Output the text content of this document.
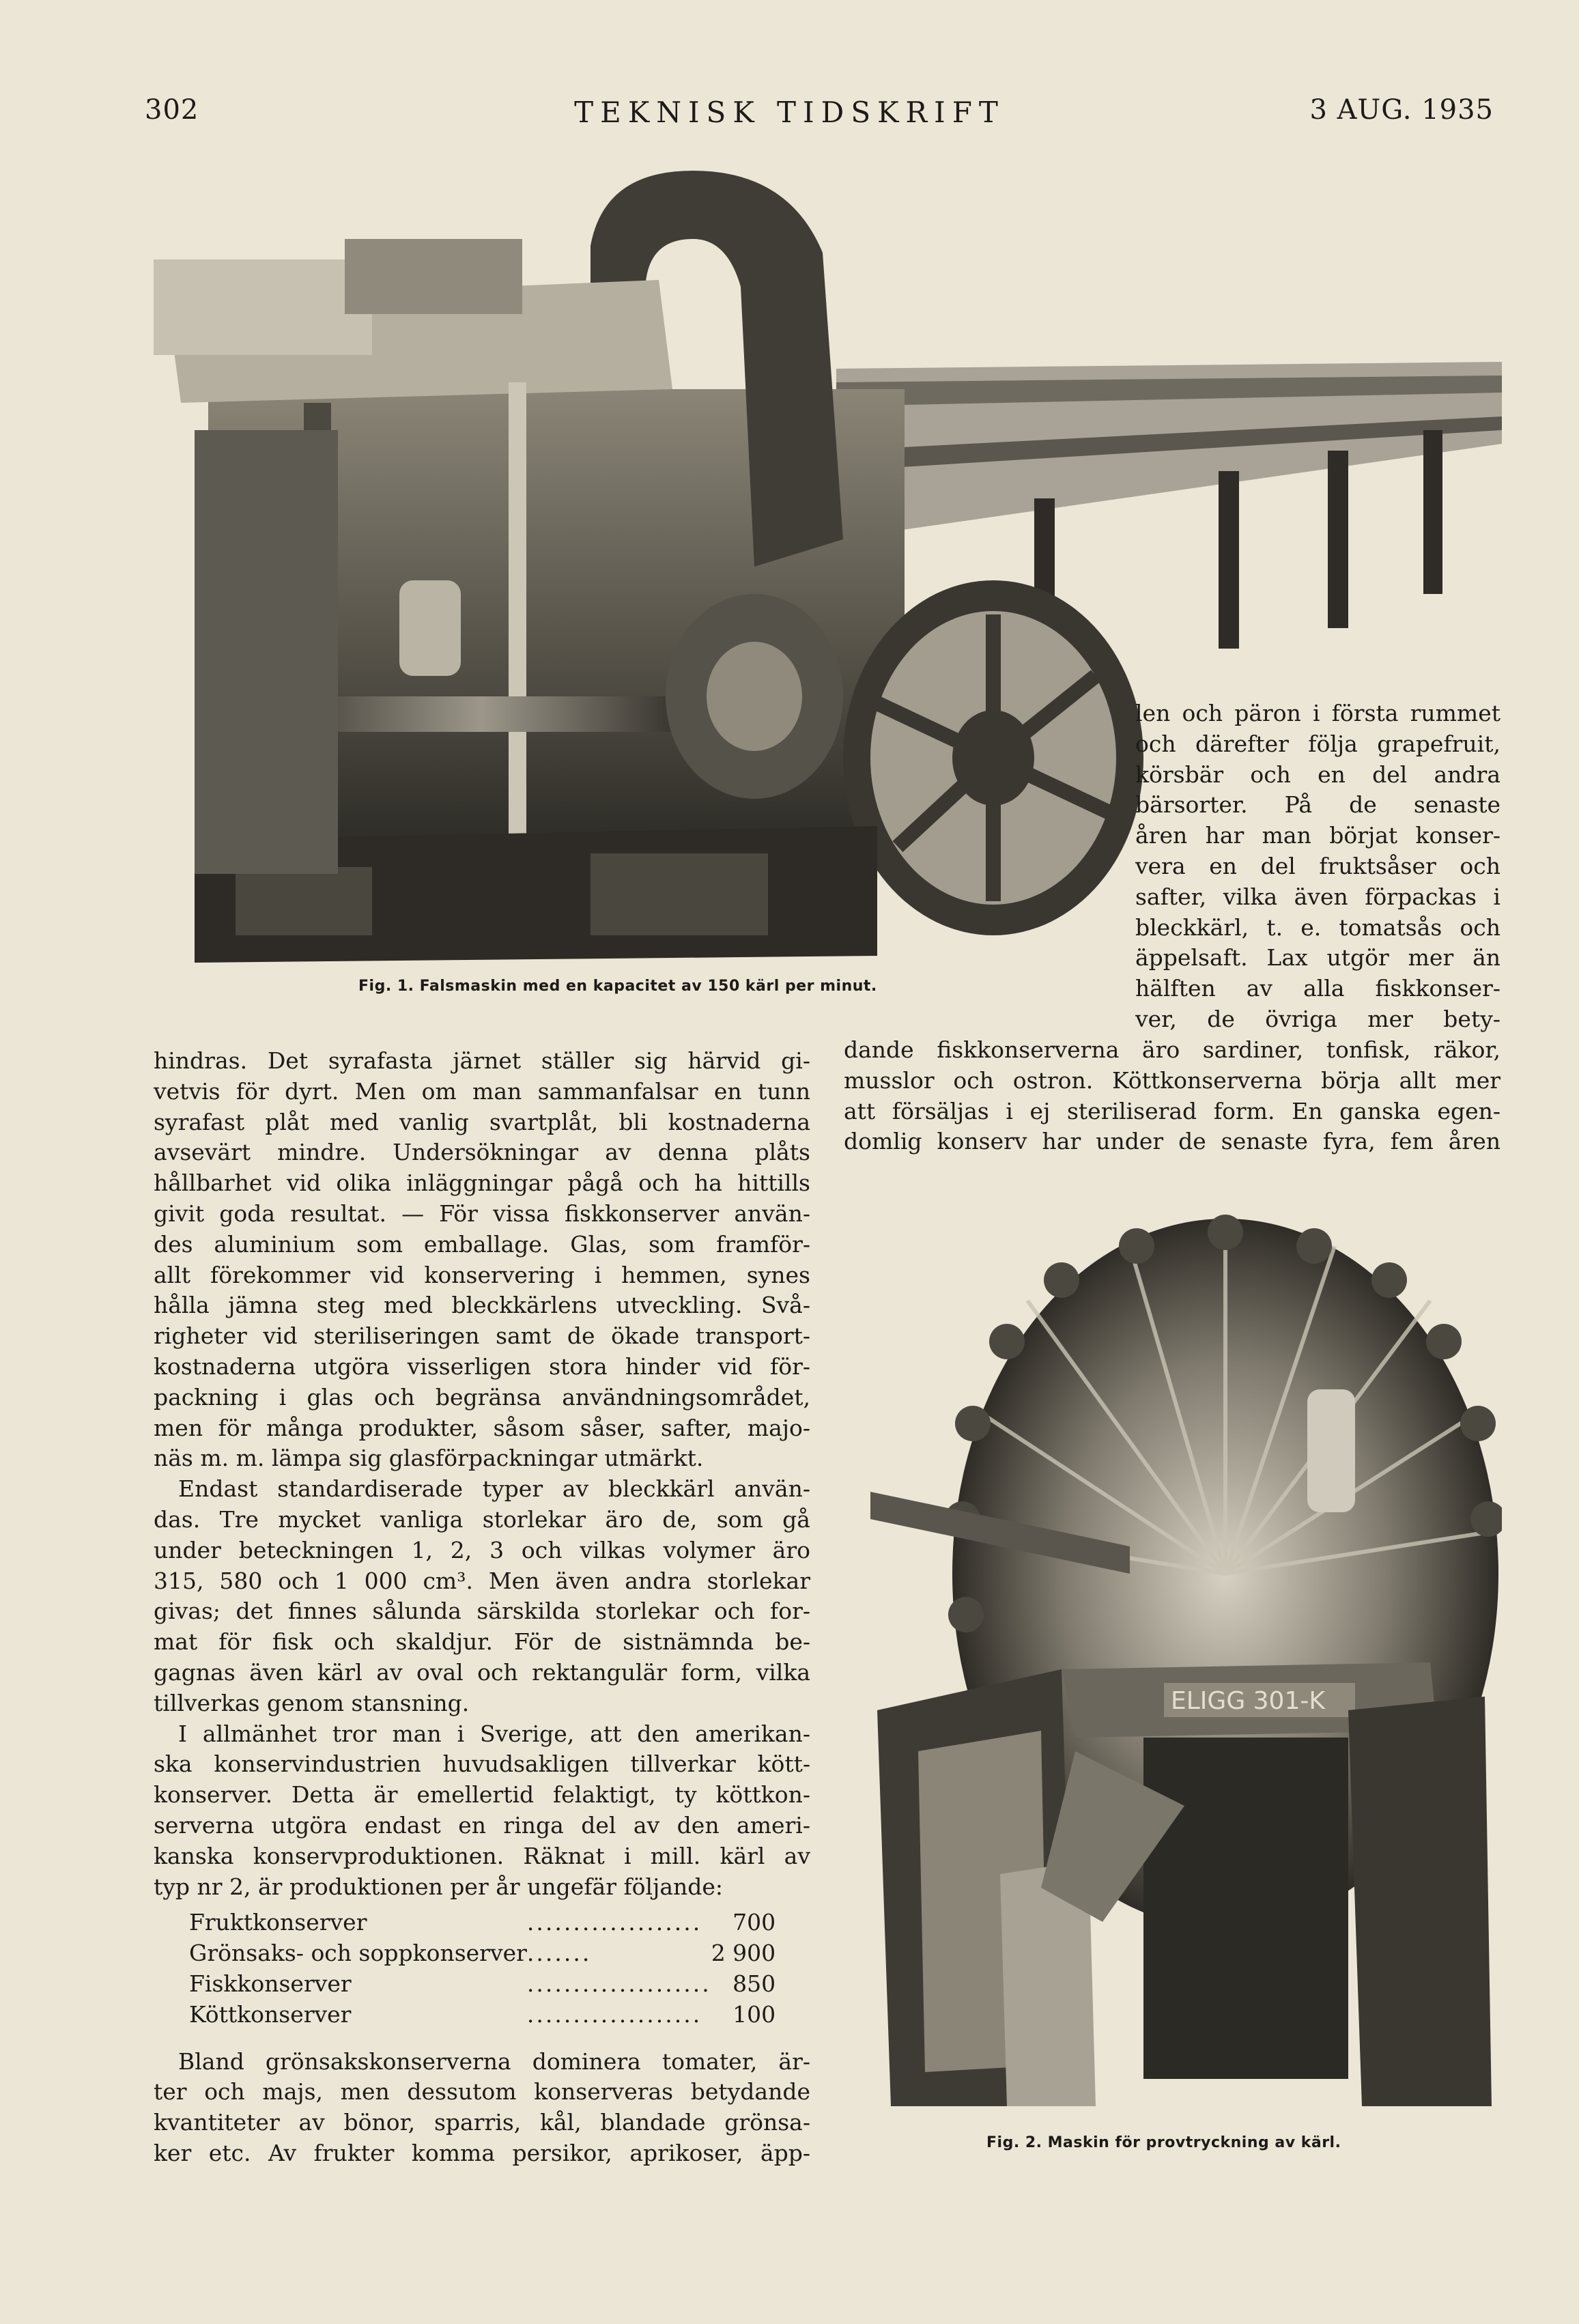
302	TEKNISK TIDSKRIFT	3 AUG. 1935
Fig. 1. Falsmaskin med en kapacitet av 150 kärl per minut.
len och päron i första rummet
och därefter följa grapefruit,
körsbär och en del andra
bärsorter. På de senaste
åren har man börjat konser-
vera en del fruktsåser och
safter, vilka även förpackas i
bleckkärl, t. e. tomatsås och
äppelsaft. Lax utgör mer än
hälften av alla fiskkonser-
ver, de övriga mer bety-
dande fiskkonserverna äro sardiner, tonfisk, räkor,
musslor och ostron. Köttkonserverna börja allt mer
att försäljas i ej steriliserad form. En ganska egen-
domlig konserv har under de senaste fyra, fem åren
hindras. Det syrafasta järnet ställer sig härvid gi-
vetvis för dyrt. Men om man sammanfalsar en tunn
syrafast plåt med vanlig svartplåt, bli kostnaderna
avsevärt mindre. Undersökningar av denna plåts
hållbarhet vid olika inläggningar pågå och ha hittills
givit goda resultat. — För vissa fiskkonserver använ-
des aluminium som emballage. Glas, som framför-
allt förekommer vid konservering i hemmen, synes
hålla jämna steg med bleckkärlens utveckling. Svå-
righeter vid steriliseringen samt de ökade transport-
kostnaderna utgöra visserligen stora hinder vid för-
packning i glas och begränsa användningsområdet,
men för många produkter, såsom såser, safter, majo-
näs m. m. lämpa sig glasförpackningar utmärkt.
Endast standardiserade typer av bleckkärl använ-
das. Tre mycket vanliga storlekar äro de, som gå
under beteckningen 1, 2, 3 och vilkas volymer äro
315, 580 och 1 000 cm³. Men även andra storlekar
givas; det finnes sålunda särskilda storlekar och for-
mat för fisk och skaldjur. För de sistnämnda be-
gagnas även kärl av oval och rektangulär form, vilka
tillverkas genom stansning.
I allmänhet tror man i Sverige, att den amerikan-
ska konservindustrien huvudsakligen tillverkar kött-
konserver. Detta är emellertid felaktigt, ty köttkon-
serverna utgöra endast en ringa del av den ameri-
kanska konservproduktionen. Räknat i mill. kärl av
typ nr 2, är produktionen per år ungefär följande:
Fruktkonserver	...................	700
Grönsaks- och soppkonserver	.......	2 900
Fiskkonserver	....................	850
Köttkonserver	...................	100
Bland grönsakskonserverna dominera tomater, är-
ter och majs, men dessutom konserveras betydande
kvantiteter av bönor, sparris, kål, blandade grönsa-
ker etc. Av frukter komma persikor, aprikoser, äpp-
ELIGG 301-K
Fig. 2. Maskin för provtryckning av kärl.
